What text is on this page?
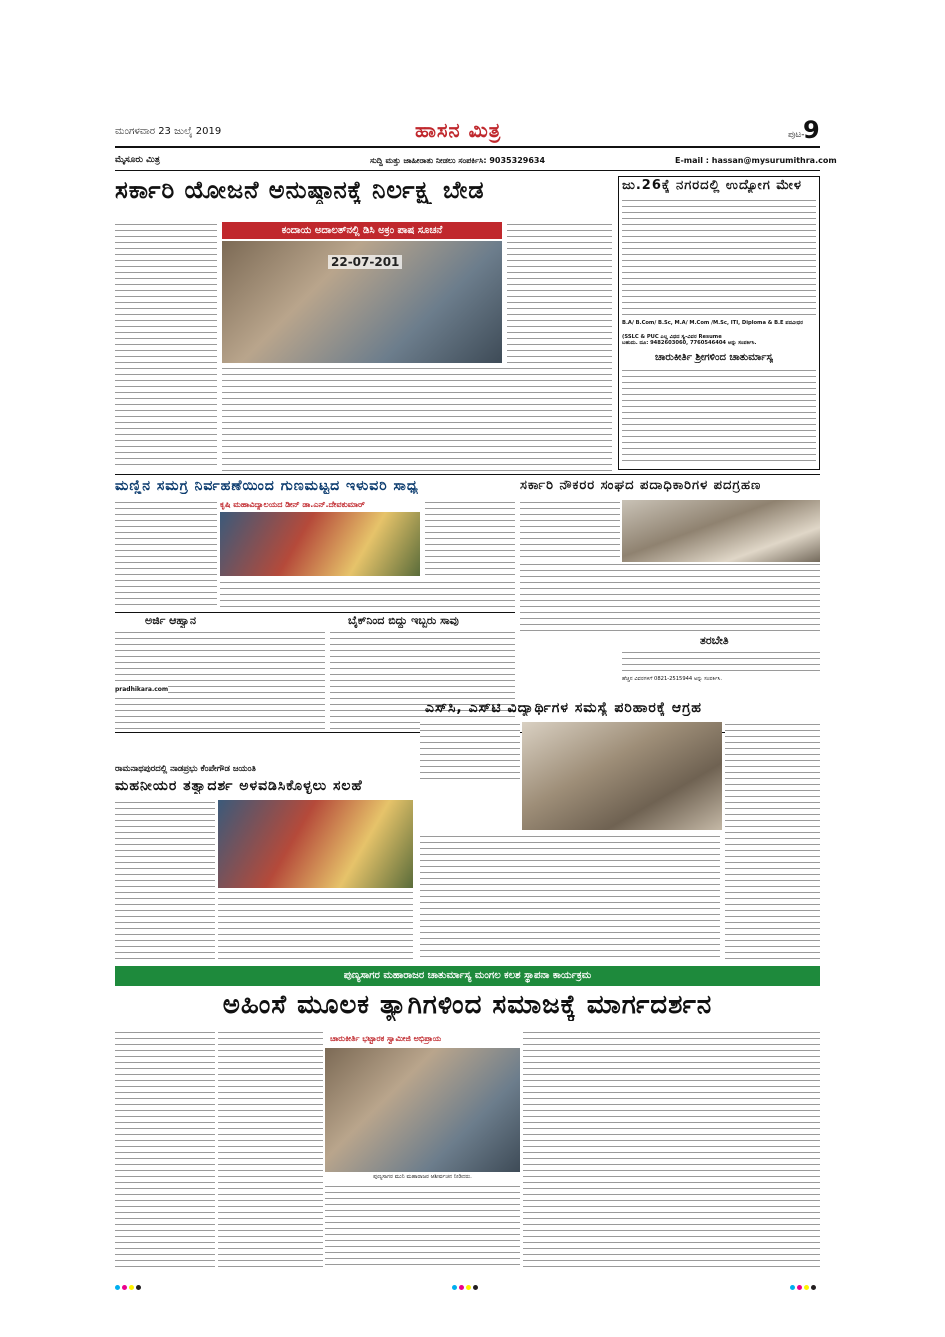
ಮಂಗಳವಾರ 23 ಜುಲೈ 2019	ಹಾಸನ ಮಿತ್ರ	ಪುಟ-
9
ಮೈಸೂರು ಮಿತ್ರ	ಸುದ್ದಿ ಮತ್ತು ಜಾಹೀರಾತು ನೀಡಲು ಸಂಪರ್ಕಿಸಿ: 9035329634	E-mail : hassan@mysurumithra.com
ಸರ್ಕಾರಿ ಯೋಜನೆ ಅನುಷ್ಠಾನಕ್ಕೆ ನಿರ್ಲಕ್ಷ್ಯ ಬೇಡ
ಕಂದಾಯ ಅದಾಲತ್‌ನಲ್ಲಿ ಡಿಸಿ ಅಕ್ರಂ ಪಾಷ ಸೂಚನೆ
22-07-201
ಜು.26ಕ್ಕೆ ನಗರದಲ್ಲಿ ಉದ್ಯೋಗ ಮೇಳ
B.A/ B.Com/ B.Sc, M.A/ M.Com /M.Sc, ITI, Diploma & B.E ಪದವೀಧರ
(SSLC & PUC ಎಲ್ಲ ವಿಧದ ಸ್ವ-ವಿವರ Resume
ಬಹುದು. ದೂ: 9482603060, 7760546404 ಅನ್ನು ಸಂಪರ್ಕಿಸಿ.
ಚಾರುಕೀರ್ತಿ ಶ್ರೀಗಳಿಂದ ಚಾತುರ್ಮಾಸ್ಯ
ಮಣ್ಣಿನ ಸಮಗ್ರ ನಿರ್ವಹಣೆಯಿಂದ ಗುಣಮಟ್ಟದ ಇಳುವರಿ ಸಾಧ್ಯ
ಕೃಷಿ ಮಹಾವಿದ್ಯಾಲಯದ ಡೀನ್ ಡಾ.ಎನ್.ದೇವಕುಮಾರ್
ಸರ್ಕಾರಿ ನೌಕರರ ಸಂಘದ ಪದಾಧಿಕಾರಿಗಳ ಪದಗ್ರಹಣ
ಅರ್ಜಿ ಆಹ್ವಾನ
pradhikara.com
ಬೈಕ್‌ನಿಂದ ಬಿದ್ದು ಇಬ್ಬರು ಸಾವು
ತರಬೇತಿ
ಹೆಚ್ಚಿನ ವಿವರಗಳಿಗೆ 0821-2515944 ಅನ್ನು ಸಂಪರ್ಕಿಸಿ.
ಎಸ್‌ಸಿ, ಎಸ್‌ಟಿ ವಿದ್ಯಾರ್ಥಿಗಳ ಸಮಸ್ಯೆ ಪರಿಹಾರಕ್ಕೆ ಆಗ್ರಹ
ರಾಮನಾಥಪುರದಲ್ಲಿ ನಾಡಪ್ರಭು ಕೆಂಪೇಗೌಡ ಜಯಂತಿ
ಮಹನೀಯರ ತತ್ವಾದರ್ಶ ಅಳವಡಿಸಿಕೊಳ್ಳಲು ಸಲಹೆ
ಪುಣ್ಯಸಾಗರ ಮಹಾರಾಜರ ಚಾತುರ್ಮಾಸ್ಯ ಮಂಗಲ ಕಲಶ ಸ್ಥಾಪನಾ ಕಾರ್ಯಕ್ರಮ
ಅಹಿಂಸೆ ಮೂಲಕ ತ್ಯಾಗಿಗಳಿಂದ ಸಮಾಜಕ್ಕೆ ಮಾರ್ಗದರ್ಶನ
ಚಾರುಕೀರ್ತಿ ಭಟ್ಟಾರಕ ಸ್ವಾಮೀಜಿ ಅಭಿಪ್ರಾಯ
ಪುಣ್ಯಸಾಗರ ಮುನಿ ಮಹಾರಾಜರ ಆಶೀರ್ವಚನ ನೀಡಿದರು.
